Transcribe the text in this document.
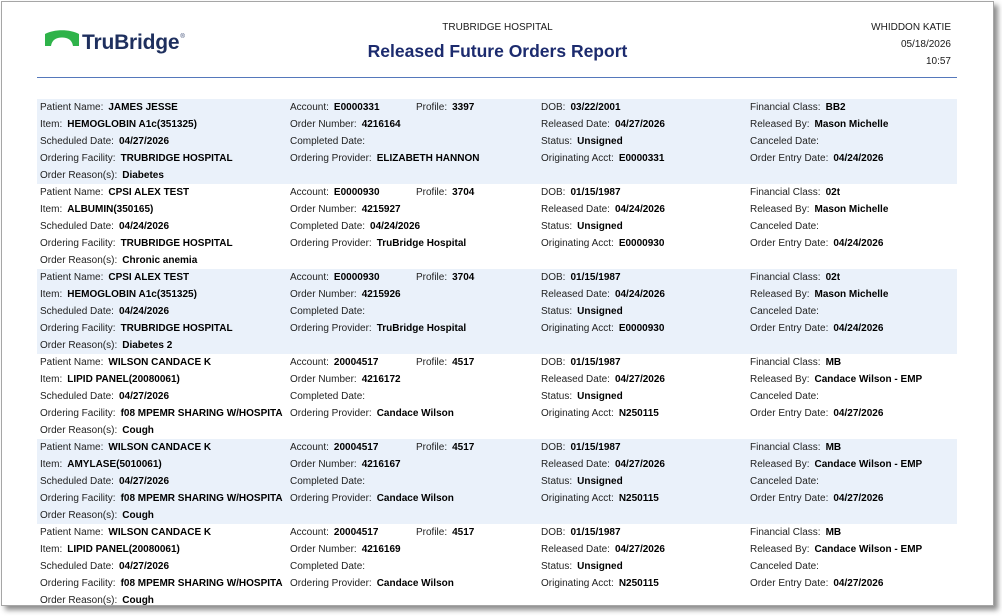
TruBridge®
TRUBRIDGE HOSPITAL
Released Future Orders Report
WHIDDON KATIE
05/18/2026
10:57
Patient Name: JAMES JESSE	Account: E0000331	Profile: 3397	DOB: 03/22/2001	Financial Class: BB2
Item: HEMOGLOBIN A1c(351325)	Order Number: 4216164	Released Date: 04/27/2026	Released By: Mason Michelle
Scheduled Date: 04/27/2026	Completed Date:	Status: Unsigned	Canceled Date:
Ordering Facility: TRUBRIDGE HOSPITAL	Ordering Provider: ELIZABETH HANNON	Originating Acct: E0000331	Order Entry Date: 04/24/2026
Order Reason(s): Diabetes
Patient Name: CPSI ALEX TEST	Account: E0000930	Profile: 3704	DOB: 01/15/1987	Financial Class: 02t
Item: ALBUMIN(350165)	Order Number: 4215927	Released Date: 04/24/2026	Released By: Mason Michelle
Scheduled Date: 04/24/2026	Completed Date: 04/24/2026	Status: Unsigned	Canceled Date:
Ordering Facility: TRUBRIDGE HOSPITAL	Ordering Provider: TruBridge Hospital	Originating Acct: E0000930	Order Entry Date: 04/24/2026
Order Reason(s): Chronic anemia
Patient Name: CPSI ALEX TEST	Account: E0000930	Profile: 3704	DOB: 01/15/1987	Financial Class: 02t
Item: HEMOGLOBIN A1c(351325)	Order Number: 4215926	Released Date: 04/24/2026	Released By: Mason Michelle
Scheduled Date: 04/24/2026	Completed Date:	Status: Unsigned	Canceled Date:
Ordering Facility: TRUBRIDGE HOSPITAL	Ordering Provider: TruBridge Hospital	Originating Acct: E0000930	Order Entry Date: 04/24/2026
Order Reason(s): Diabetes 2
Patient Name: WILSON CANDACE K	Account: 20004517	Profile: 4517	DOB: 01/15/1987	Financial Class: MB
Item: LIPID PANEL(20080061)	Order Number: 4216172	Released Date: 04/27/2026	Released By: Candace Wilson - EMP
Scheduled Date: 04/27/2026	Completed Date:	Status: Unsigned	Canceled Date:
Ordering Facility: f08 MPEMR SHARING W/HOSPITA Ordering Provider: Candace Wilson	Originating Acct: N250115	Order Entry Date: 04/27/2026
Order Reason(s): Cough
Patient Name: WILSON CANDACE K	Account: 20004517	Profile: 4517	DOB: 01/15/1987	Financial Class: MB
Item: AMYLASE(5010061)	Order Number: 4216167	Released Date: 04/27/2026	Released By: Candace Wilson - EMP
Scheduled Date: 04/27/2026	Completed Date:	Status: Unsigned	Canceled Date:
Ordering Facility: f08 MPEMR SHARING W/HOSPITA Ordering Provider: Candace Wilson	Originating Acct: N250115	Order Entry Date: 04/27/2026
Order Reason(s): Cough
Patient Name: WILSON CANDACE K	Account: 20004517	Profile: 4517	DOB: 01/15/1987	Financial Class: MB
Item: LIPID PANEL(20080061)	Order Number: 4216169	Released Date: 04/27/2026	Released By: Candace Wilson - EMP
Scheduled Date: 04/27/2026	Completed Date:	Status: Unsigned	Canceled Date:
Ordering Facility: f08 MPEMR SHARING W/HOSPITA Ordering Provider: Candace Wilson	Originating Acct: N250115	Order Entry Date: 04/27/2026
Order Reason(s): Cough
